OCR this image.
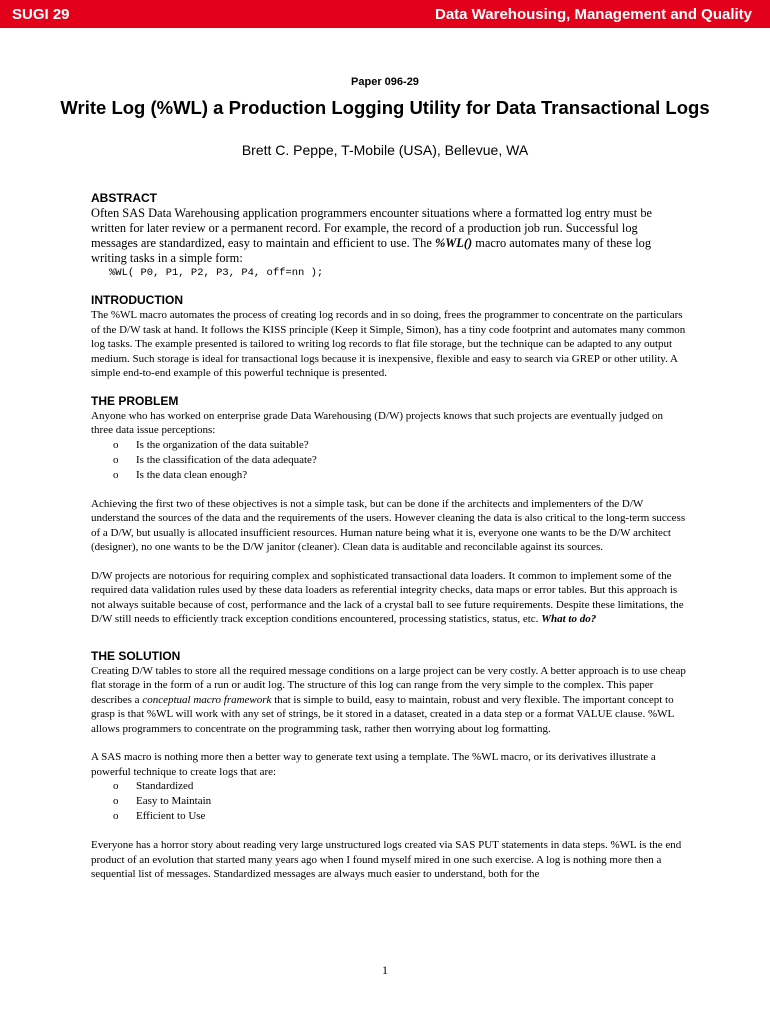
SUGI 29	Data Warehousing, Management and Quality
Paper 096-29
Write Log (%WL) a Production Logging Utility for Data Transactional Logs
Brett C. Peppe, T-Mobile (USA), Bellevue, WA
ABSTRACT

Often SAS Data Warehousing application programmers encounter situations where a formatted log entry must be written for later review or a permanent record. For example, the record of a production job run. Successful log messages are standardized, easy to maintain and efficient to use. The %WL() macro automates many of these log writing tasks in a simple form:

%WL( P0, P1, P2, P3, P4, off=nn );
INTRODUCTION

The %WL macro automates the process of creating log records and in so doing, frees the programmer to concentrate on the particulars of the D/W task at hand. It follows the KISS principle (Keep it Simple, Simon), has a tiny code footprint and automates many common log tasks. The example presented is tailored to writing log records to flat file storage, but the technique can be adapted to any output medium. Such storage is ideal for transactional logs because it is inexpensive, flexible and easy to search via GREP or other utility. A simple end-to-end example of this powerful technique is presented.

THE PROBLEM

Anyone who has worked on enterprise grade Data Warehousing (D/W) projects knows that such projects are eventually judged on three data issue perceptions:

o Is the organization of the data suitable?
o Is the classification of the data adequate?
o Is the data clean enough?

Achieving the first two of these objectives is not a simple task, but can be done if the architects and implementers of the D/W understand the sources of the data and the requirements of the users. However cleaning the data is also critical to the long-term success of a D/W, but usually is allocated insufficient resources. Human nature being what it is, everyone one wants to be the D/W architect (designer), no one wants to be the D/W janitor (cleaner). Clean data is auditable and reconcilable against its sources.

D/W projects are notorious for requiring complex and sophisticated transactional data loaders. It common to implement some of the required data validation rules used by these data loaders as referential integrity checks, data maps or error tables. But this approach is not always suitable because of cost, performance and the lack of a crystal ball to see future requirements. Despite these limitations, the D/W still needs to efficiently track exception conditions encountered, processing statistics, status, etc. What to do?

THE SOLUTION

Creating D/W tables to store all the required message conditions on a large project can be very costly. A better approach is to use cheap flat storage in the form of a run or audit log. The structure of this log can range from the very simple to the complex. This paper describes a conceptual macro framework that is simple to build, easy to maintain, robust and very flexible. The important concept to grasp is that %WL will work with any set of strings, be it stored in a dataset, created in a data step or a format VALUE clause. %WL allows programmers to concentrate on the programming task, rather then worrying about log formatting.

A SAS macro is nothing more then a better way to generate text using a template. The %WL macro, or its derivatives illustrate a powerful technique to create logs that are:

o Standardized
o Easy to Maintain
o Efficient to Use

Everyone has a horror story about reading very large unstructured logs created via SAS PUT statements in data steps. %WL is the end product of an evolution that started many years ago when I found myself mired in one such exercise. A log is nothing more then a sequential list of messages. Standardized messages are always much easier to understand, both for the

1
